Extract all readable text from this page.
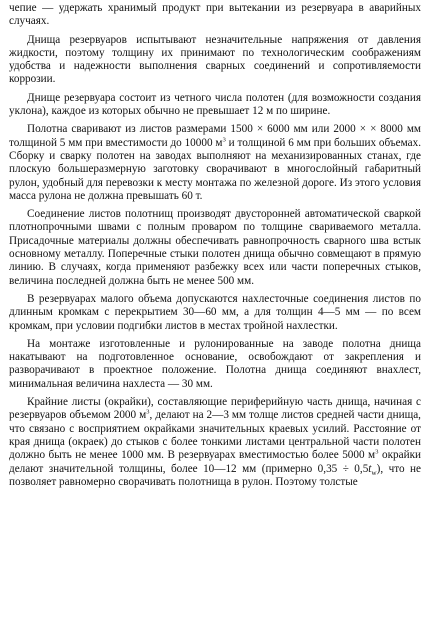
чепие — удержать хранимый продукт при вытекании из резервуара в аварийных случаях.

Днища резервуаров испытывают незначительные напряжения от давления жидкости, поэтому толщину их принимают по технологическим соображениям удобства и надежности выполнения сварных соединений и сопротивляемости коррозии.

Днище резервуара состоит из четного числа полотен (для возможности создания уклона), каждое из которых обычно не превышает 12 м по ширине.

Полотна сваривают из листов размерами 1500 × 6000 мм или 2000 × × 8000 мм толщиной 5 мм при вместимости до 10000 $м^3$ и толщиной 6 мм при больших объемах. Сборку и сварку полотен на заводах выполняют на механизированных станах, где плоскую большеразмерную заготовку сворачивают в многослойный габаритный рулон, удобный для перевозки к месту монтажа по железной дороге. Из этого условия масса рулона не должна превышать 60 т.

Соединение листов полотнищ производят двусторонней автоматической сваркой плотнопрочными швами с полным проваром по толщине свариваемого металла. Присадочные материалы должны обеспечивать равнопрочность сварного шва встык основному металлу. Поперечные стыки полотен днища обычно совмещают в прямую линию. В случаях, когда применяют разбежку всех или части поперечных стыков, величина последней должна быть не менее 500 мм.

В резервуарах малого объема допускаются нахлесточные соединения листов по длинным кромкам с перекрытием 30—60 мм, а для толщин 4—5 мм — по всем кромкам, при условии подгибки листов в местах тройной нахлестки.

На монтаже изготовленные и рулонированные на заводе полотна днища накатывают на подготовленное основание, освобождают от закрепления и разворачивают в проектное положение. Полотна днища соединяют внахлест, минимальная величина нахлеста — 30 мм.

Крайние листы (окрайки), составляющие периферийную часть днища, начиная с резервуаров объемом 2000 $м^3$, делают на 2—3 мм толще листов средней части днища, что связано с восприятием окрайками значительных краевых усилий. Расстояние от края днища (окраек) до стыков с более тонкими листами центральной части полотен должно быть не менее 1000 мм. В резервуарах вместимостью более 5000 $м^3$ окрайки делают значительной толщины, более 10—12 мм (примерно $0,35 \div 0,5t_w$), что не позволяет равномерно сворачивать полотнища в рулон. Поэтому толстые
